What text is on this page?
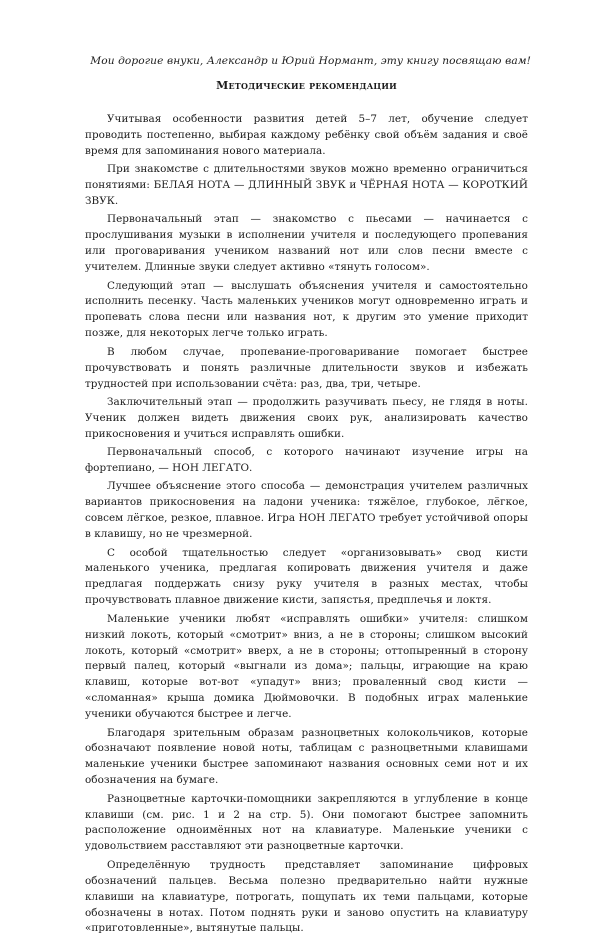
Мои дорогие внуки, Александр и Юрий Нормант, эту книгу посвящаю вам!
Методические рекомендации

Учитывая особенности развития детей 5–7 лет, обучение следует проводить постепенно, выбирая каждому ребёнку свой объём задания и своё время для запоминания нового материала.

При знакомстве с длительностями звуков можно временно ограничиться понятиями: БЕЛАЯ НОТА — ДЛИННЫЙ ЗВУК и ЧЁРНАЯ НОТА — КОРОТКИЙ ЗВУК.

Первоначальный этап — знакомство с пьесами — начинается с прослушивания музыки в исполнении учителя и последующего пропевания или проговаривания учеником названий нот или слов песни вместе с учителем. Длинные звуки следует активно «тянуть голосом».

Следующий этап — выслушать объяснения учителя и самостоятельно исполнить песенку. Часть маленьких учеников могут одновременно играть и пропевать слова песни или названия нот, к другим это умение приходит позже, для некоторых легче только играть.

В любом случае, пропевание-проговаривание помогает быстрее прочувствовать и понять различные длительности звуков и избежать трудностей при использовании счёта: раз, два, три, четыре.

Заключительный этап — продолжить разучивать пьесу, не глядя в ноты. Ученик должен видеть движения своих рук, анализировать качество прикосновения и учиться исправлять ошибки.

Первоначальный способ, с которого начинают изучение игры на фортепиано, — НОН ЛЕГАТО.

Лучшее объяснение этого способа — демонстрация учителем различных вариантов прикосновения на ладони ученика: тяжёлое, глубокое, лёгкое, совсем лёгкое, резкое, плавное. Игра НОН ЛЕГАТО требует устойчивой опоры в клавишу, но не чрезмерной.

С особой тщательностью следует «организовывать» свод кисти маленького ученика, предлагая копировать движения учителя и даже предлагая поддержать снизу руку учителя в разных местах, чтобы прочувствовать плавное движение кисти, запястья, предплечья и локтя.

Маленькие ученики любят «исправлять ошибки» учителя: слишком низкий локоть, который «смотрит» вниз, а не в стороны; слишком высокий локоть, который «смотрит» вверх, а не в стороны; оттопыренный в сторону первый палец, который «выгнали из дома»; пальцы, играющие на краю клавиш, которые вот-вот «упадут» вниз; проваленный свод кисти — «сломанная» крыша домика Дюймовочки. В подобных играх маленькие ученики обучаются быстрее и легче.

Благодаря зрительным образам разноцветных колокольчиков, которые обозначают появление новой ноты, таблицам с разноцветными клавишами маленькие ученики быстрее запоминают названия основных семи нот и их обозначения на бумаге.

Разноцветные карточки-помощники закрепляются в углубление в конце клавиши (см. рис. 1 и 2 на стр. 5). Они помогают быстрее запомнить расположение одноимённых нот на клавиатуре. Маленькие ученики с удовольствием расставляют эти разноцветные карточки.

Определённую трудность представляет запоминание цифровых обозначений пальцев. Весьма полезно предварительно найти нужные клавиши на клавиатуре, потрогать, пощупать их теми пальцами, которые обозначены в нотах. Потом поднять руки и заново опустить на клавиатуру «приготовленные», вытянутые пальцы.
